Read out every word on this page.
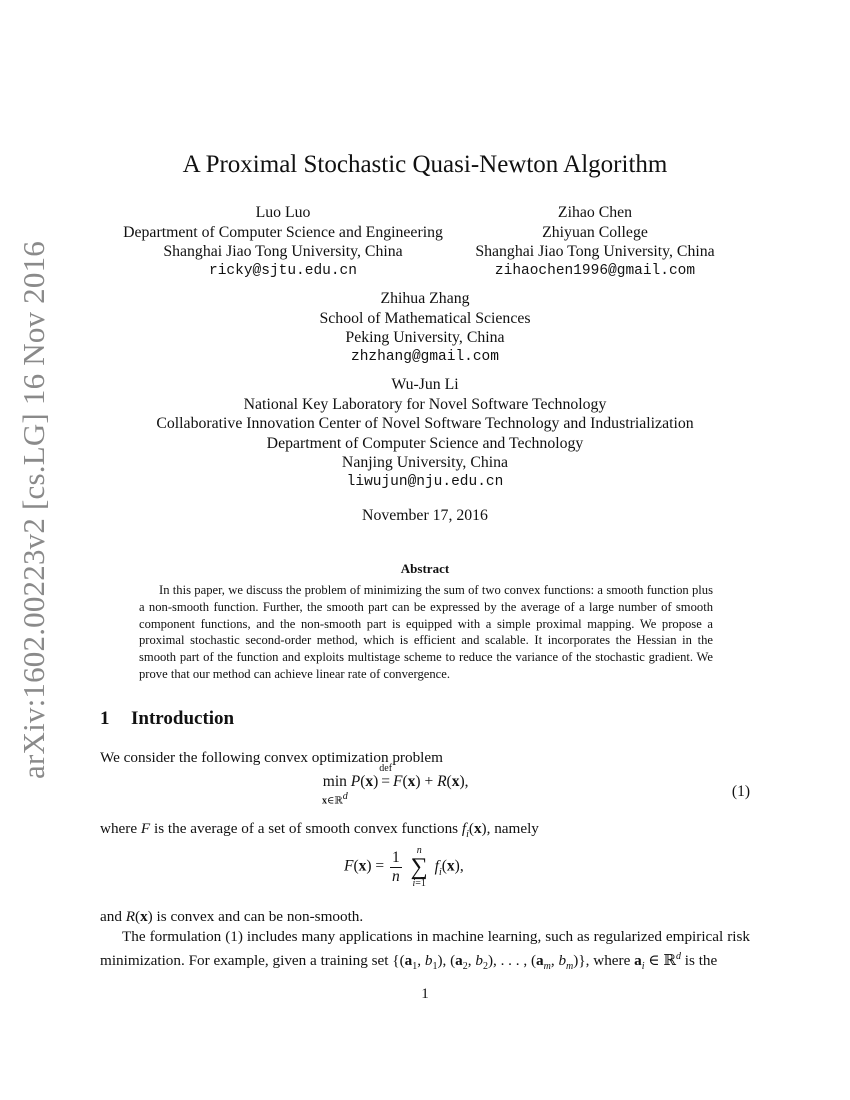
arXiv:1602.00223v2 [cs.LG] 16 Nov 2016
A Proximal Stochastic Quasi-Newton Algorithm
Luo Luo
Department of Computer Science and Engineering
Shanghai Jiao Tong University, China
ricky@sjtu.edu.cn
Zihao Chen
Zhiyuan College
Shanghai Jiao Tong University, China
zihaochen1996@gmail.com
Zhihua Zhang
School of Mathematical Sciences
Peking University, China
zhzhang@gmail.com
Wu-Jun Li
National Key Laboratory for Novel Software Technology
Collaborative Innovation Center of Novel Software Technology and Industrialization
Department of Computer Science and Technology
Nanjing University, China
liwujun@nju.edu.cn
November 17, 2016
Abstract
In this paper, we discuss the problem of minimizing the sum of two convex functions: a smooth function plus a non-smooth function. Further, the smooth part can be expressed by the average of a large number of smooth component functions, and the non-smooth part is equipped with a simple proximal mapping. We propose a proximal stochastic second-order method, which is efficient and scalable. It incorporates the Hessian in the smooth part of the function and exploits multistage scheme to reduce the variance of the stochastic gradient. We prove that our method can achieve linear rate of convergence.
1 Introduction
We consider the following convex optimization problem
min
x∈ℝ$^d$
P(x)
def
= F(x) + R(x),
(1)
where F is the average of a set of smooth convex functions $f_i(x)$, namely
$F(x) = \frac{1}{n}$
	n
∑
i=1
$f_i(x)$,
and R(x) is convex and can be non-smooth.
The formulation (1) includes many applications in machine learning, such as regularized empirical risk minimization. For example, given a training set {($a_1$, $b_1$), ($a_2$, $b_2$), . . . , ($a_m$, $b_m$)}, where $a_i$ ∈ ℝ$^d$ is the
1
